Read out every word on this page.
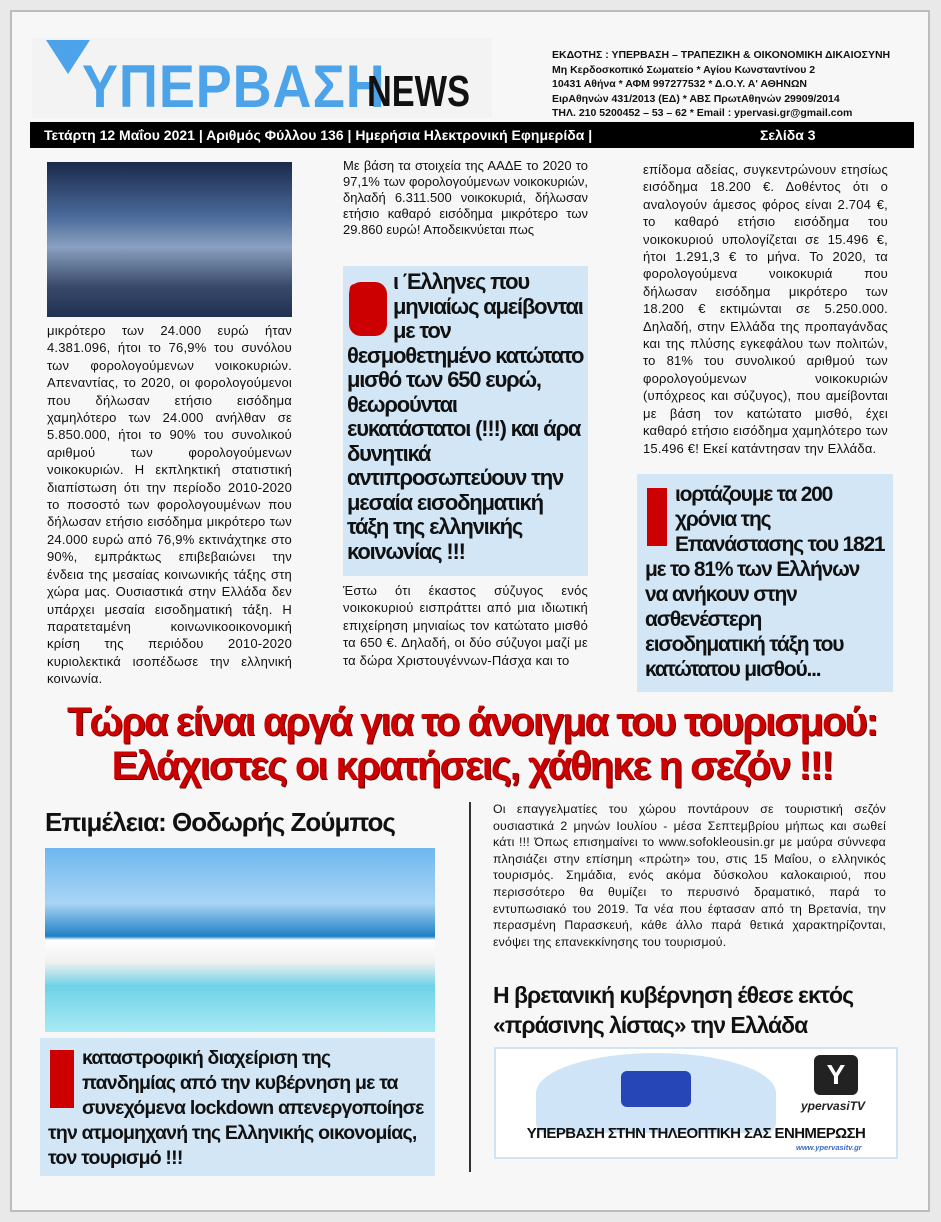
ΥΠΕΡΒΑΣΗ
NEWS
ΕΚΔΟΤΗΣ : ΥΠΕΡΒΑΣΗ – ΤΡΑΠΕΖΙΚΗ & ΟΙΚΟΝΟΜΙΚΗ ΔΙΚΑΙΟΣΥΝΗ
Μη Κερδοσκοπικό Σωματείο * Αγίου Κωνσταντίνου 2
10431 Αθήνα * ΑΦΜ 997277532 * Δ.Ο.Υ. Α' ΑΘΗΝΩΝ
ΕιρΑθηνών 431/2013 (ΕΔ) * ΑΒΣ ΠρωτΑθηνών 29909/2014
ΤΗΛ. 210 5200452 – 53 – 62 * Email : ypervasi.gr@gmail.com
Τετάρτη 12 Μαΐου 2021 | Αριθμός Φύλλου 136 | Ημερήσια Ηλεκτρονική Εφημερίδα |	Σελίδα 3
μικρότερο των 24.000 ευρώ ήταν 4.381.096, ήτοι το 76,9% του συνόλου των φορολογούμενων νοικοκυριών. Απεναντίας, το 2020, οι φορολογούμενοι που δήλωσαν ετήσιο εισόδημα χαμηλότερο των 24.000 ανήλθαν σε 5.850.000, ήτοι το 90% του συνολικού αριθμού των φορολογούμενων νοικοκυριών. Η εκπληκτική στατιστική διαπίστωση ότι την περίοδο 2010-2020 το ποσοστό των φορολογουμένων που δήλωσαν ετήσιο εισόδημα μικρότερο των 24.000 ευρώ από 76,9% εκτινάχτηκε στο 90%, εμπράκτως επιβεβαιώνει την ένδεια της μεσαίας κοινωνικής τάξης στη χώρα μας. Ουσιαστικά στην Ελλάδα δεν υπάρχει μεσαία εισοδηματική τάξη. Η παρατεταμένη κοινωνικοοικονομική κρίση της περιόδου 2010-2020 κυριολεκτικά ισοπέδωσε την ελληνική κοινωνία.
Με βάση τα στοιχεία της ΑΑΔΕ το 2020 το 97,1% των φορολογούμενων νοικοκυριών, δηλαδή 6.311.500 νοικοκυριά, δήλωσαν ετήσιο καθαρό εισόδημα μικρότερο των 29.860 ευρώ! Αποδεικνύεται πως
Ο	ι Έλληνες που μηνιαίως αμείβονται με τον θεσμοθετημένο κατώτατο μισθό των 650 ευρώ, θεωρούνται ευκατάστατοι (!!!) και άρα δυνητικά αντιπροσωπεύουν την μεσαία εισοδηματική τάξη της ελληνικής κοινωνίας !!!
Έστω ότι έκαστος σύζυγος ενός νοικοκυριού εισπράττει από μια ιδιωτική επιχείρηση μηνιαίως τον κατώτατο μισθό τα 650 €. Δηλαδή, οι δύο σύζυγοι μαζί με τα δώρα Χριστουγέννων-Πάσχα και το
επίδομα αδείας, συγκεντρώνουν ετησίως εισόδημα 18.200 €. Δοθέντος ότι ο αναλογούν άμεσος φόρος είναι 2.704 €, το καθαρό ετήσιο εισόδημα του νοικοκυριού υπολογίζεται σε 15.496 €, ήτοι 1.291,3 € το μήνα. Το 2020, τα φορολογούμενα νοικοκυριά που δήλωσαν εισόδημα μικρότερο των 18.200 € εκτιμώνται σε 5.250.000. Δηλαδή, στην Ελλάδα της προπαγάνδας και της πλύσης εγκεφάλου των πολιτών, το 81% του συνολικού αριθμού των φορολογούμενων νοικοκυριών (υπόχρεος και σύζυγος), που αμείβονται με βάση τον κατώτατο μισθό, έχει καθαρό ετήσιο εισόδημα χαμηλότερο των 15.496 €! Εκεί κατάντησαν την Ελλάδα.
Γ
ιορτάζουμε τα 200 χρόνια της Επανάστασης του 1821 με το 81% των Ελλήνων να ανήκουν στην ασθενέστερη εισοδηματική τάξη του κατώτατου μισθού...
Τώρα είναι αργά για το άνοιγμα του τουρισμού:
Ελάχιστες οι κρατήσεις, χάθηκε η σεζόν !!!
Επιμέλεια: Θοδωρής Ζούμπος
Η	καταστροφική διαχείριση της πανδημίας από την κυβέρνηση με τα συνεχόμενα lockdown απενεργοποίησε την ατμομηχανή της Ελληνικής οικονομίας, τον τουρισμό !!!
Οι επαγγελματίες του χώρου ποντάρουν σε τουριστική σεζόν ουσιαστικά 2 μηνών Ιουλίου - μέσα Σεπτεμβρίου μήπως και σωθεί κάτι !!! Όπως επισημαίνει το www.sofokleousin.gr με μαύρα σύννεφα πλησιάζει στην επίσημη «πρώτη» του, στις 15 Μαΐου, ο ελληνικός τουρισμός. Σημάδια, ενός ακόμα δύσκολου καλοκαιριού, που περισσότερο θα θυμίζει το περυσινό δραματικό, παρά το εντυπωσιακό του 2019. Τα νέα που έφτασαν από τη Βρετανία, την περασμένη Παρασκευή, κάθε άλλο παρά θετικά χαρακτηρίζονται, ενόψει της επανεκκίνησης του τουρισμού.
Η βρετανική κυβέρνηση έθεσε εκτός «πράσινης λίστας» την Ελλάδα
Y
ypervasiTV
ΥΠΕΡΒΑΣΗ ΣΤΗΝ ΤΗΛΕΟΠΤΙΚΗ ΣΑΣ ΕΝΗΜΕΡΩΣΗ
www.ypervasitv.gr
